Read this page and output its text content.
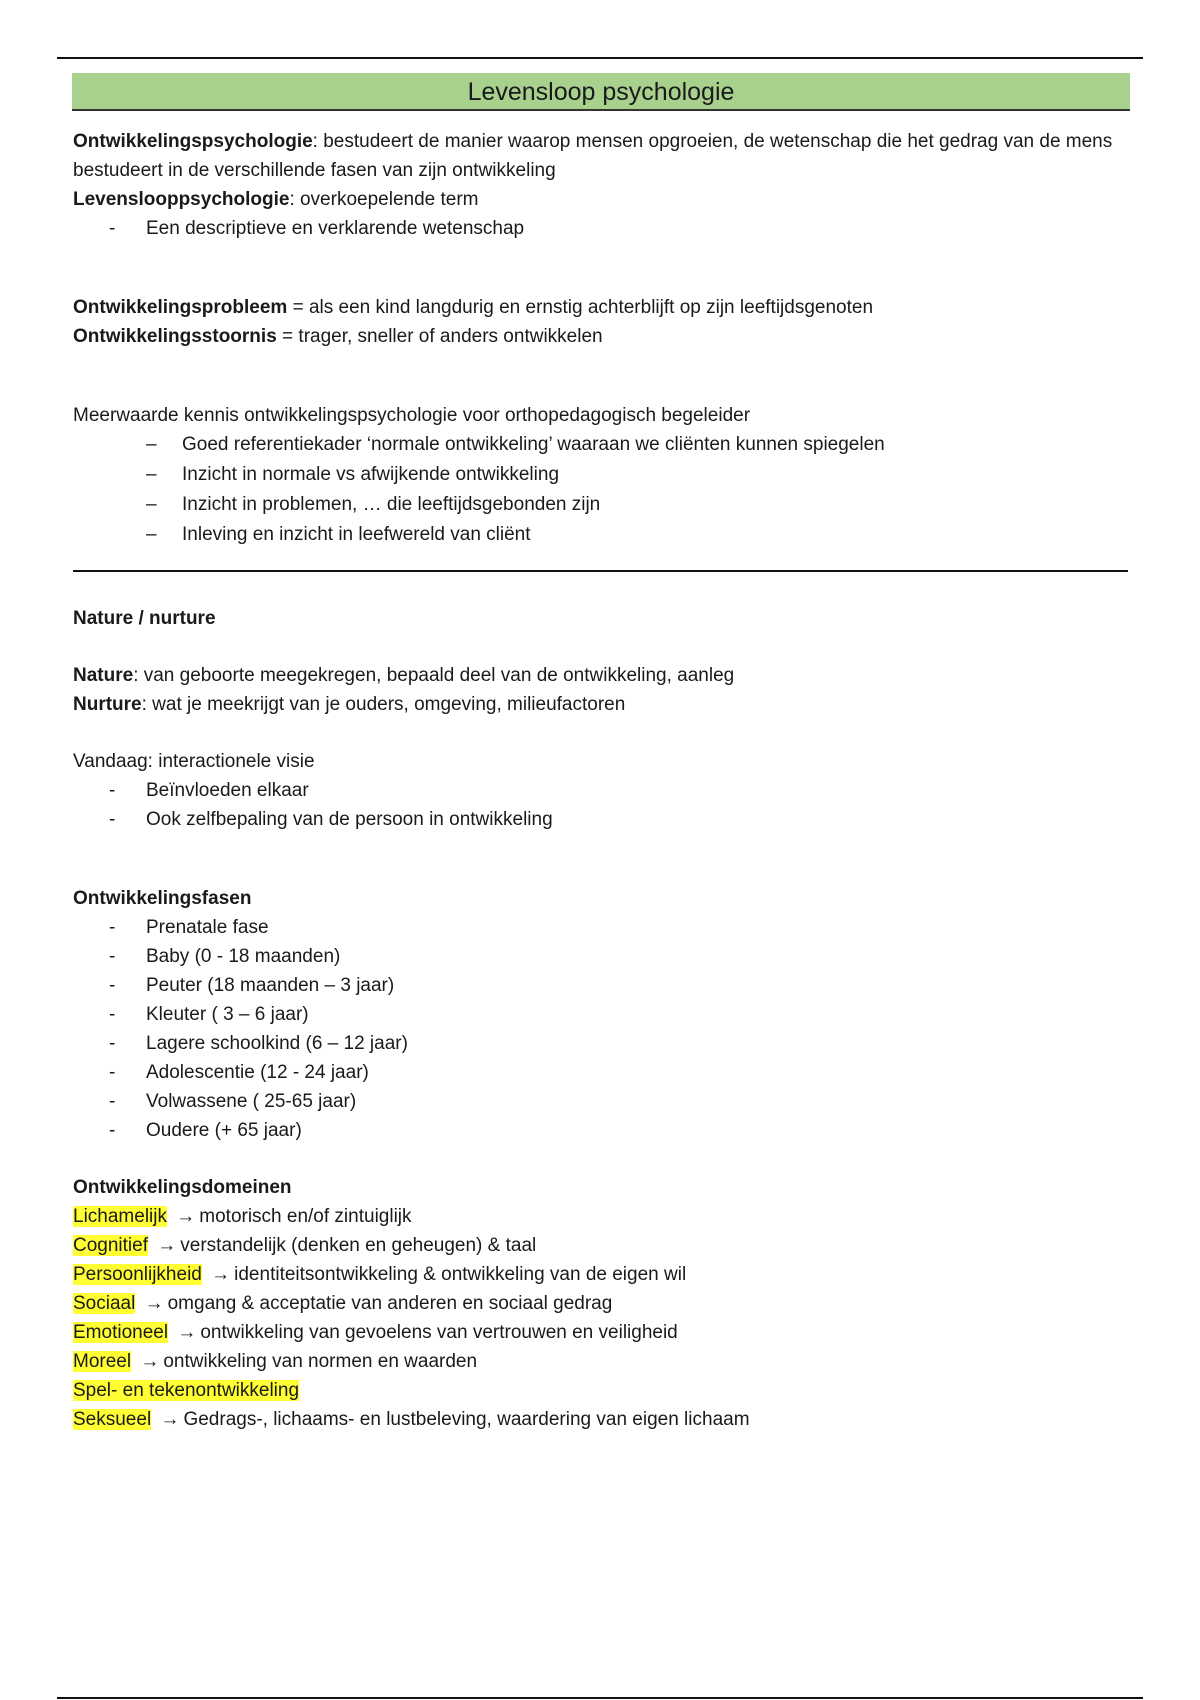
Levensloop psychologie
Ontwikkelingspsychologie: bestudeert de manier waarop mensen opgroeien, de wetenschap die het gedrag van de mens bestudeert in de verschillende fasen van zijn ontwikkeling
Levenslooppsychologie: overkoepelende term
- Een descriptieve en verklarende wetenschap
Ontwikkelingsprobleem = als een kind langdurig en ernstig achterblijft op zijn leeftijdsgenoten
Ontwikkelingsstoornis = trager, sneller of anders ontwikkelen
Meerwaarde kennis ontwikkelingspsychologie voor orthopedagogisch begeleider
– Goed referentiekader ‘normale ontwikkeling’ waaraan we cliënten kunnen spiegelen
– Inzicht in normale vs afwijkende ontwikkeling
– Inzicht in problemen, … die leeftijdsgebonden zijn
– Inleving en inzicht in leefwereld van cliënt
Nature / nurture
Nature: van geboorte meegekregen, bepaald deel van de ontwikkeling, aanleg
Nurture: wat je meekrijgt van je ouders, omgeving, milieufactoren
Vandaag: interactionele visie
- Beïnvloeden elkaar
- Ook zelfbepaling van de persoon in ontwikkeling
Ontwikkelingsfasen
- Prenatale fase
- Baby (0 - 18 maanden)
- Peuter (18 maanden – 3 jaar)
- Kleuter ( 3 – 6 jaar)
- Lagere schoolkind (6 – 12 jaar)
- Adolescentie (12 - 24 jaar)
- Volwassene ( 25-65 jaar)
- Oudere (+ 65 jaar)
Ontwikkelingsdomeinen
Lichamelijk → motorisch en/of zintuiglijk
Cognitief → verstandelijk (denken en geheugen) & taal
Persoonlijkheid → identiteitsontwikkeling & ontwikkeling van de eigen wil
Sociaal → omgang & acceptatie van anderen en sociaal gedrag
Emotioneel → ontwikkeling van gevoelens van vertrouwen en veiligheid
Moreel → ontwikkeling van normen en waarden
Spel- en tekenontwikkeling
Seksueel → Gedrags-, lichaams- en lustbeleving, waardering van eigen lichaam
